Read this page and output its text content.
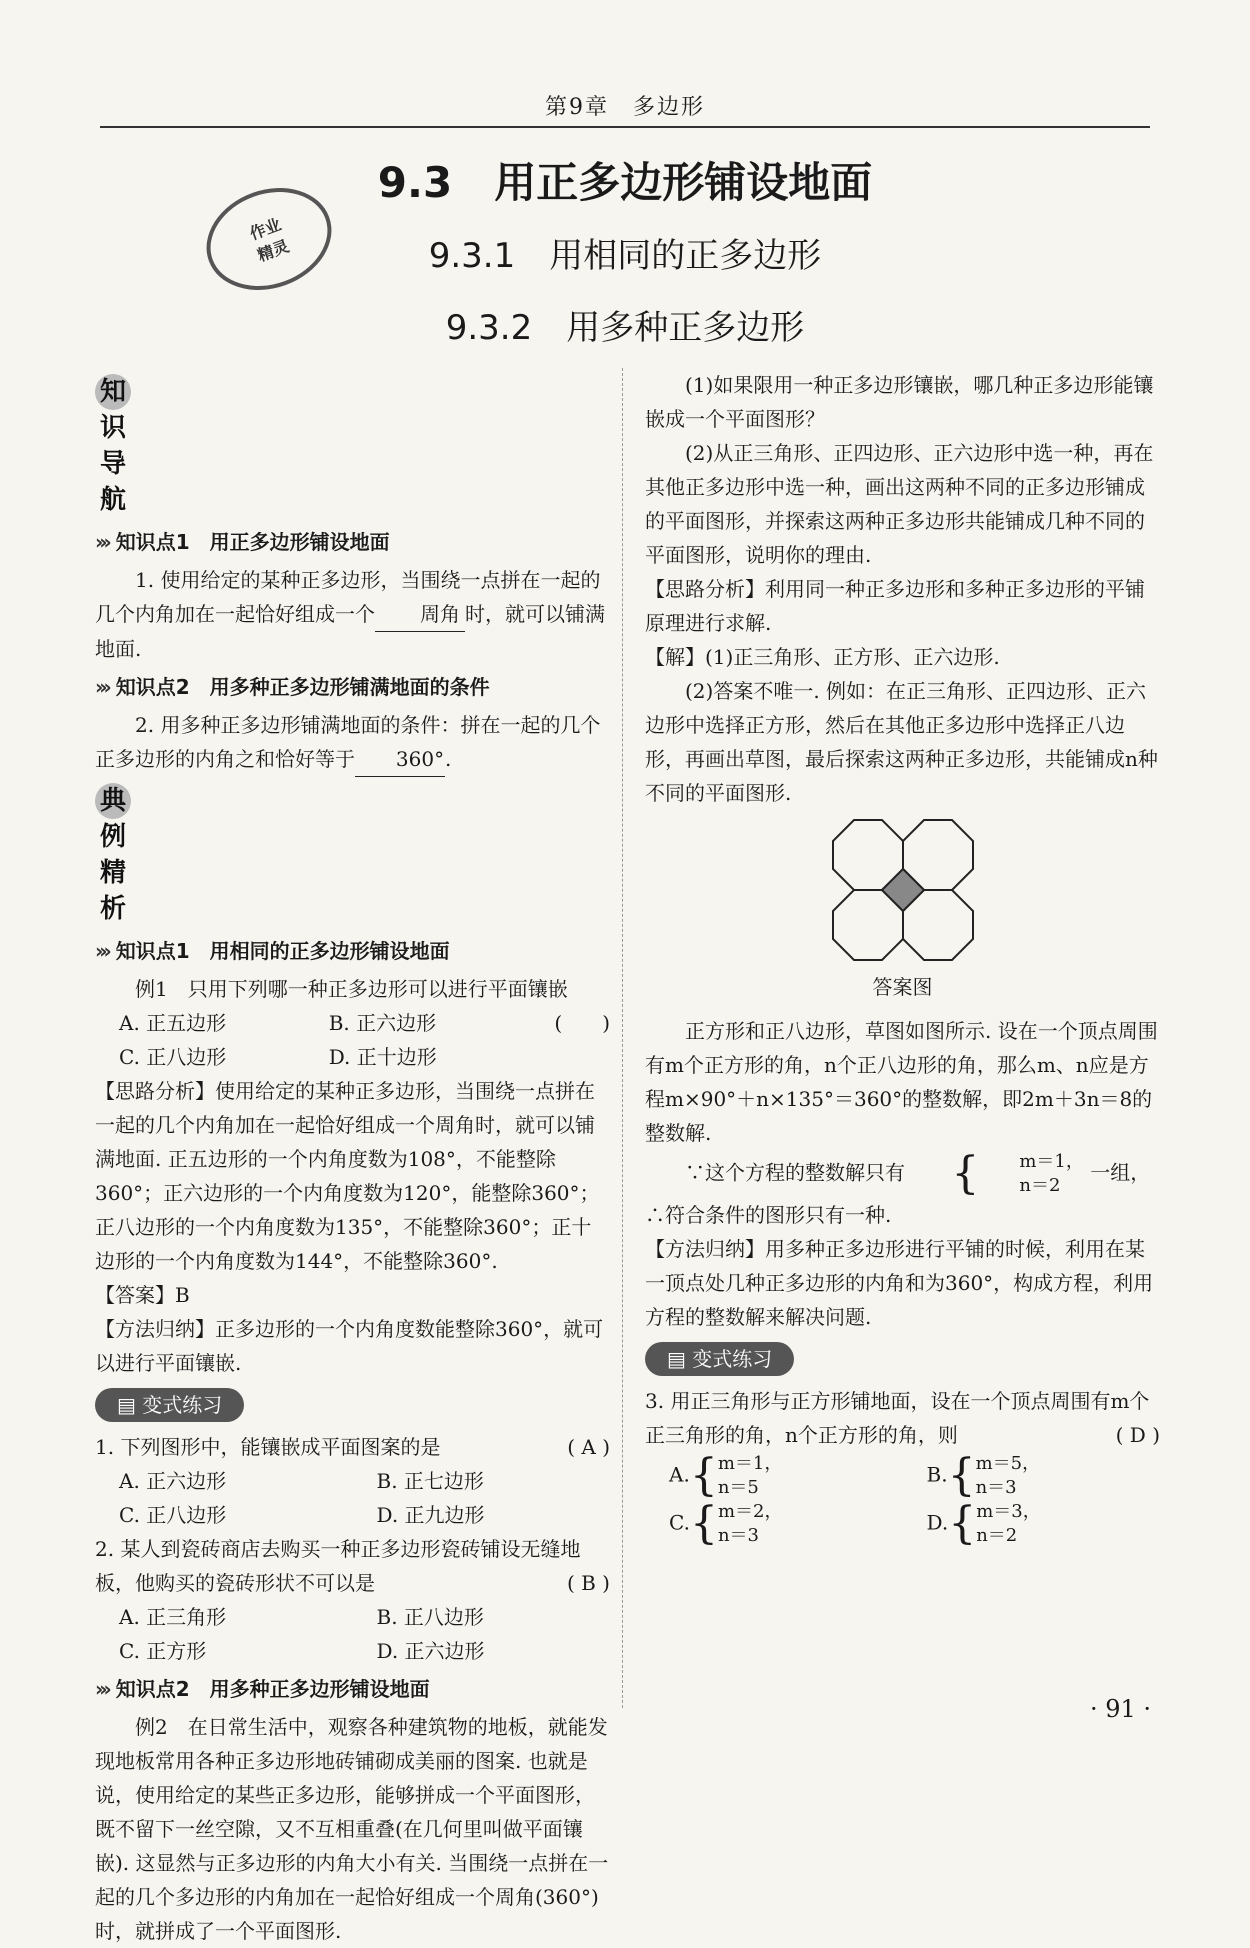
第9章　多边形
作业
精灵
9.3　用正多边形铺设地面
9.3.1　用相同的正多边形
9.3.2　用多种正多边形
知识导航
››› 知识点1　用正多边形铺设地面

1. 使用给定的某种正多边形，当围绕一点拼在一起的几个内角加在一起恰好组成一个 周角 时，就可以铺满地面.

››› 知识点2　用多种正多边形铺满地面的条件

2. 用多种正多边形铺满地面的条件：拼在一起的几个正多边形的内角之和恰好等于 360°.

典例精析
››› 知识点1　用相同的正多边形铺设地面

例1　只用下列哪一种正多边形可以进行平面镶嵌
(　　)

A. 正五边形	B. 正六边形
C. 正八边形	D. 正十边形

【思路分析】使用给定的某种正多边形，当围绕一点拼在一起的几个内角加在一起恰好组成一个周角时，就可以铺满地面. 正五边形的一个内角度数为108°，不能整除360°；正六边形的一个内角度数为120°，能整除360°；正八边形的一个内角度数为135°，不能整除360°；正十边形的一个内角度数为144°，不能整除360°.

【答案】B

【方法归纳】正多边形的一个内角度数能整除360°，就可以进行平面镶嵌.

▤ 变式练习

1. 下列图形中，能镶嵌成平面图案的是	( A )

A. 正六边形	B. 正七边形
C. 正八边形	D. 正九边形

2. 某人到瓷砖商店去购买一种正多边形瓷砖铺设无缝地板，他购买的瓷砖形状不可以是	( B )

A. 正三角形	B. 正八边形
C. 正方形	D. 正六边形
››› 知识点2　用多种正多边形铺设地面

例2　在日常生活中，观察各种建筑物的地板，就能发现地板常用各种正多边形地砖铺砌成美丽的图案. 也就是说，使用给定的某些正多边形，能够拼成一个平面图形，既不留下一丝空隙，又不互相重叠(在几何里叫做平面镶嵌). 这显然与正多边形的内角大小有关. 当围绕一点拼在一起的几个多边形的内角加在一起恰好组成一个周角(360°)时，就拼成了一个平面图形.

(1)如果限用一种正多边形镶嵌，哪几种正多边形能镶嵌成一个平面图形？

(2)从正三角形、正四边形、正六边形中选一种，再在其他正多边形中选一种，画出这两种不同的正多边形铺成的平面图形，并探索这两种正多边形共能铺成几种不同的平面图形，说明你的理由.

【思路分析】利用同一种正多边形和多种正多边形的平铺原理进行求解.

【解】(1)正三角形、正方形、正六边形.

(2)答案不唯一. 例如：在正三角形、正四边形、正六边形中选择正方形，然后在其他正多边形中选择正八边形，再画出草图，最后探索这两种正多边形，共能铺成n种不同的平面图形.

答案图

正方形和正八边形，草图如图所示. 设在一个顶点周围有m个正方形的角，n个正八边形的角，那么m、n应是方程m×90°＋n×135°＝360°的整数解，即2m＋3n＝8的整数解.

∵这个方程的整数解只有	{	m＝1，
n＝2
一组，∴符合条件的图形只有一种.

【方法归纳】用多种正多边形进行平铺的时候，利用在某一顶点处几种正多边形的内角和为360°，构成方程，利用方程的整数解来解决问题.

▤ 变式练习

3. 用正三角形与正方形铺地面，设在一个顶点周围有m个正三角形的角，n个正方形的角，则	( D )

A. { m＝1，
n＝5
B. { m＝5，
n＝3
C. { m＝2，
n＝3
D. { m＝3，
n＝2
· 91 ·
